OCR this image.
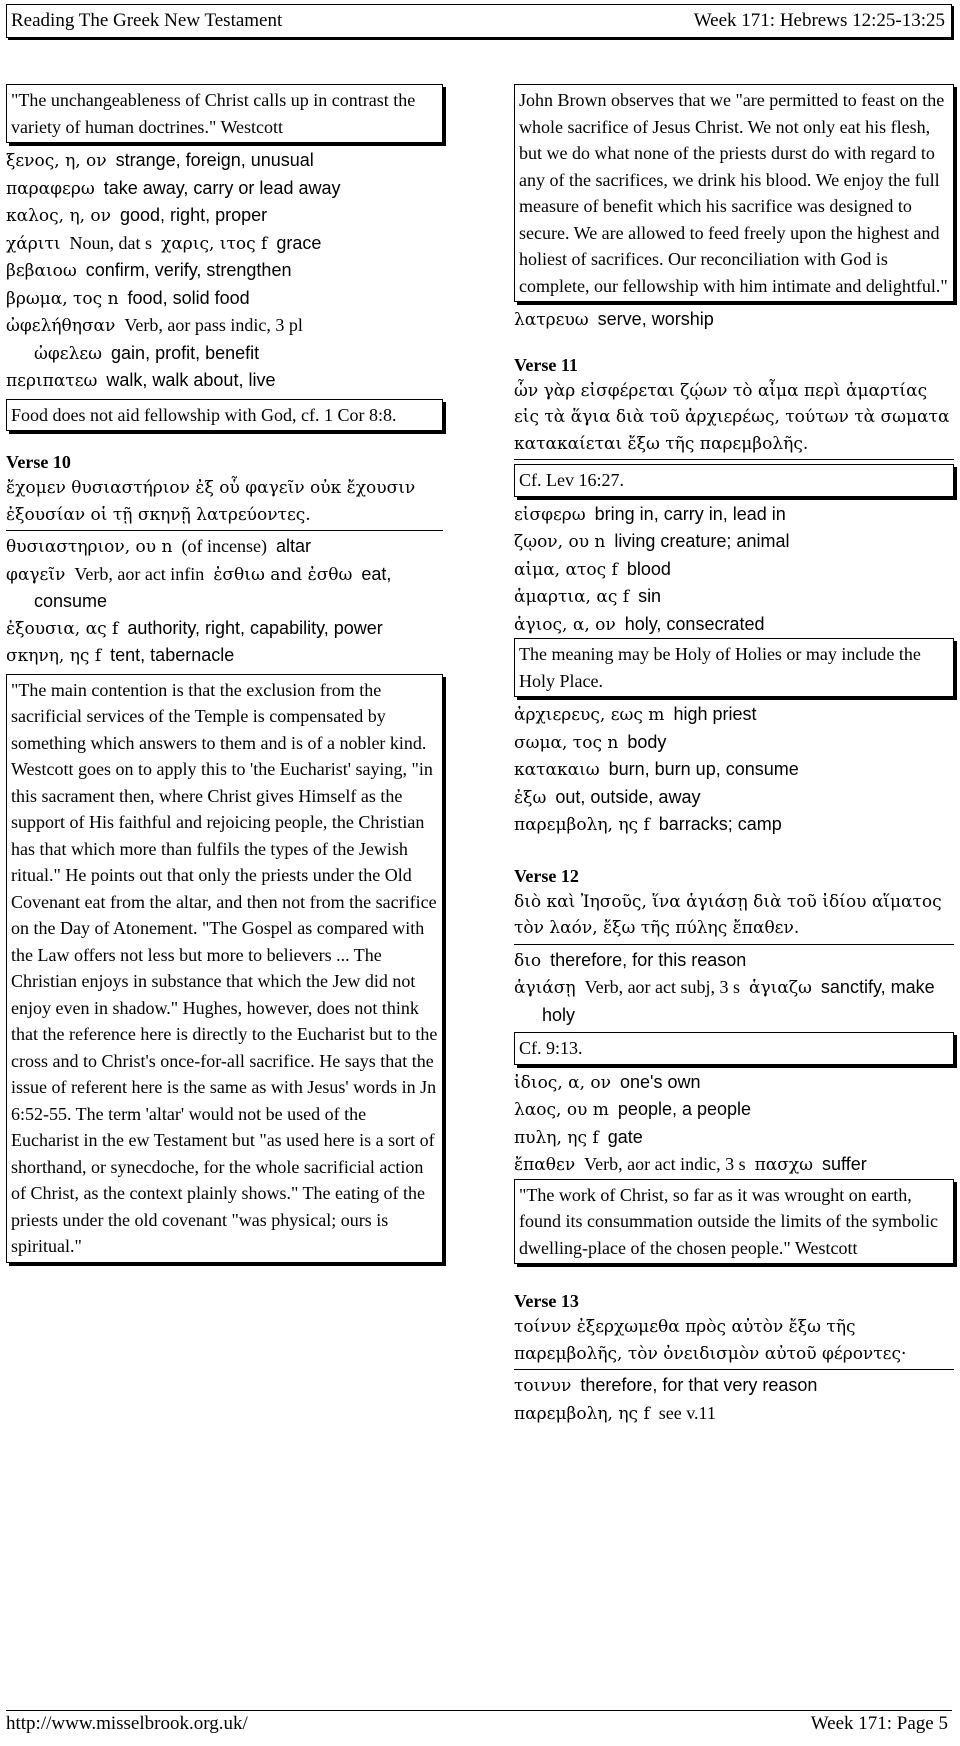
Reading The Greek New Testament	Week 171: Hebrews 12:25-13:25
"The unchangeableness of Christ calls up in contrast the variety of human doctrines." Westcott
ξενος, η, ον strange, foreign, unusual
παραφερω take away, carry or lead away
καλος, η, ον good, right, proper
χάριτι Noun, dat s χαρις, ιτος f grace
βεβαιοω confirm, verify, strengthen
βρωμα, τος n food, solid food
ὠφελήθησαν Verb, aor pass indic, 3 pl
ὠφελεω gain, profit, benefit
περιπατεω walk, walk about, live
Food does not aid fellowship with God, cf. 1 Cor 8:8.
Verse 10
ἔχομεν θυσιαστήριον ἐξ οὗ φαγεῖν οὐκ ἔχουσιν ἐξουσίαν οἱ τῇ σκηνῇ λατρεύοντες.
θυσιαστηριον, ου n (of incense) altar
φαγεῖν Verb, aor act infin ἐσθιω and ἐσθω eat, consume
ἐξουσια, ας f authority, right, capability, power
σκηνη, ης f tent, tabernacle
"The main contention is that the exclusion from the sacrificial services of the Temple is compensated by something which answers to them and is of a nobler kind. Westcott goes on to apply this to 'the Eucharist' saying, "in this sacrament then, where Christ gives Himself as the support of His faithful and rejoicing people, the Christian has that which more than fulfils the types of the Jewish ritual." He points out that only the priests under the Old Covenant eat from the altar, and then not from the sacrifice on the Day of Atonement. "The Gospel as compared with the Law offers not less but more to believers ... The Christian enjoys in substance that which the Jew did not enjoy even in shadow." Hughes, however, does not think that the reference here is directly to the Eucharist but to the cross and to Christ's once-for-all sacrifice. He says that the issue of referent here is the same as with Jesus' words in Jn 6:52-55. The term 'altar' would not be used of the Eucharist in the ew Testament but "as used here is a sort of shorthand, or synecdoche, for the whole sacrificial action of Christ, as the context plainly shows." The eating of the priests under the old covenant "was physical; ours is spiritual."
John Brown observes that we "are permitted to feast on the whole sacrifice of Jesus Christ. We not only eat his flesh, but we do what none of the priests durst do with regard to any of the sacrifices, we drink his blood. We enjoy the full measure of benefit which his sacrifice was designed to secure. We are allowed to feed freely upon the highest and holiest of sacrifices. Our reconciliation with God is complete, our fellowship with him intimate and delightful."
λατρευω serve, worship
Verse 11
ὧν γὰρ εἰσφέρεται ζῴων τὸ αἷμα περὶ ἁμαρτίας εἰς τὰ ἅγια διὰ τοῦ ἀρχιερέως, τούτων τὰ σωματα κατακαίεται ἔξω τῆς παρεμβολῆς.
Cf. Lev 16:27.
εἰσφερω bring in, carry in, lead in
ζῳον, ου n living creature; animal
αἱμα, ατος f blood
ἁμαρτια, ας f sin
ἁγιος, α, ον holy, consecrated
The meaning may be Holy of Holies or may include the Holy Place.
ἀρχιερευς, εως m high priest
σωμα, τος n body
κατακαιω burn, burn up, consume
ἐξω out, outside, away
παρεμβολη, ης f barracks; camp
Verse 12
διὸ καὶ Ἰησοῦς, ἵνα ἁγιάσῃ διὰ τοῦ ἰδίου αἵματος τὸν λαόν, ἔξω τῆς πύλης ἔπαθεν.
διο therefore, for this reason
ἁγιάσῃ Verb, aor act subj, 3 s ἁγιαζω sanctify, make holy
Cf. 9:13.
ἰδιος, α, ον one's own
λαος, ου m people, a people
πυλη, ης f gate
ἔπαθεν Verb, aor act indic, 3 s πασχω suffer
"The work of Christ, so far as it was wrought on earth, found its consummation outside the limits of the symbolic dwelling-place of the chosen people." Westcott
Verse 13
τοίνυν ἐξερχωμεθα πρὸς αὐτὸν ἔξω τῆς παρεμβολῆς, τὸν ὀνειδισμὸν αὐτοῦ φέροντες·
τοινυν therefore, for that very reason
παρεμβολη, ης f see v.11
http://www.misselbrook.org.uk/	Week 171: Page 5
